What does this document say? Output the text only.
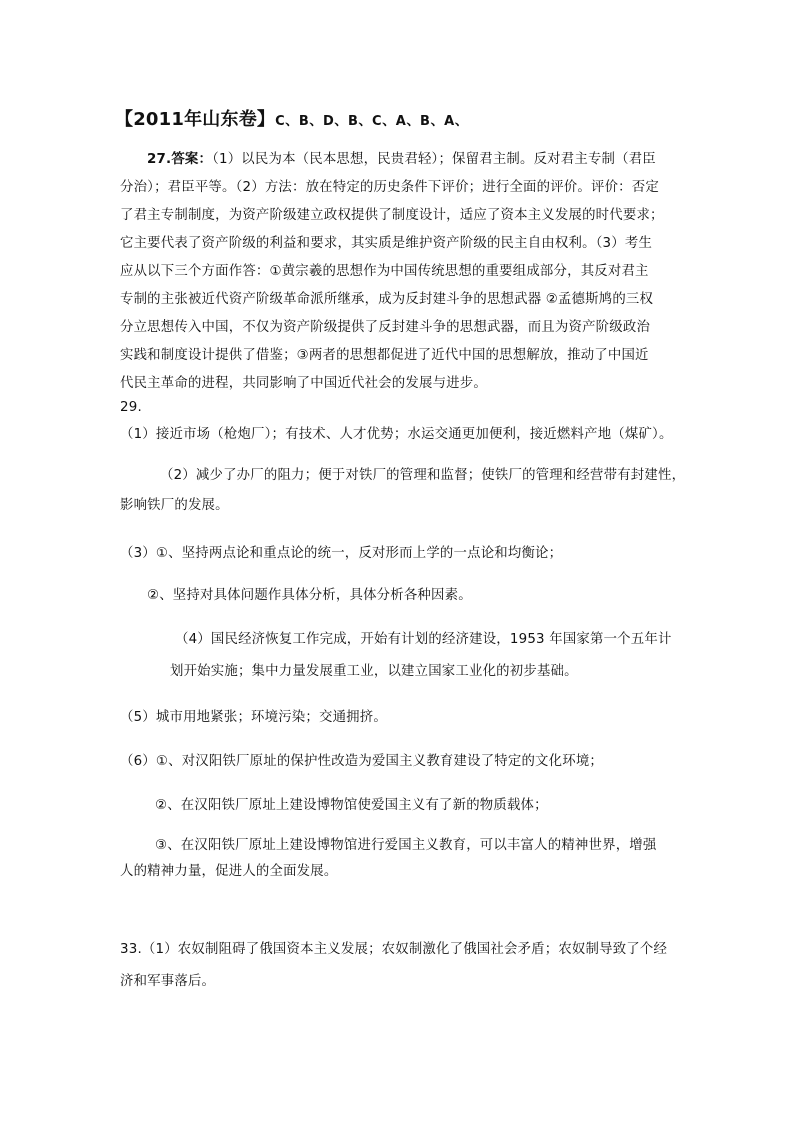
【2011年山东卷】C、B、D、B、C、A、B、A、
27.答案：（1）以民为本（民本思想，民贵君轻）；保留君主制。反对君主专制（君臣
分治）；君臣平等。（2）方法：放在特定的历史条件下评价；进行全面的评价。评价：否定
了君主专制制度，为资产阶级建立政权提供了制度设计，适应了资本主义发展的时代要求；
它主要代表了资产阶级的利益和要求，其实质是维护资产阶级的民主自由权利。（3）考生
应从以下三个方面作答：①黄宗羲的思想作为中国传统思想的重要组成部分，其反对君主
专制的主张被近代资产阶级革命派所继承，成为反封建斗争的思想武器 ②孟德斯鸠的三权
分立思想传入中国，不仅为资产阶级提供了反封建斗争的思想武器，而且为资产阶级政治
实践和制度设计提供了借鉴；③两者的思想都促进了近代中国的思想解放，推动了中国近
代民主革命的进程，共同影响了中国近代社会的发展与进步。
29.
（1）接近市场（枪炮厂）；有技术、人才优势；水运交通更加便利，接近燃料产地（煤矿）。
（2）减少了办厂的阻力；便于对铁厂的管理和监督；使铁厂的管理和经营带有封建性，
影响铁厂的发展。
（3）①、坚持两点论和重点论的统一，反对形而上学的一点论和均衡论；
②、坚持对具体问题作具体分析，具体分析各种因素。
（4）国民经济恢复工作完成，开始有计划的经济建设，1953 年国家第一个五年计
划开始实施；集中力量发展重工业，以建立国家工业化的初步基础。
（5）城市用地紧张；环境污染；交通拥挤。
（6）①、对汉阳铁厂原址的保护性改造为爱国主义教育建设了特定的文化环境；
②、在汉阳铁厂原址上建设博物馆使爱国主义有了新的物质载体；
③、在汉阳铁厂原址上建设博物馆进行爱国主义教育，可以丰富人的精神世界，增强
人的精神力量，促进人的全面发展。
33.（1）农奴制阻碍了俄国资本主义发展；农奴制激化了俄国社会矛盾；农奴制导致了个经
济和军事落后。
